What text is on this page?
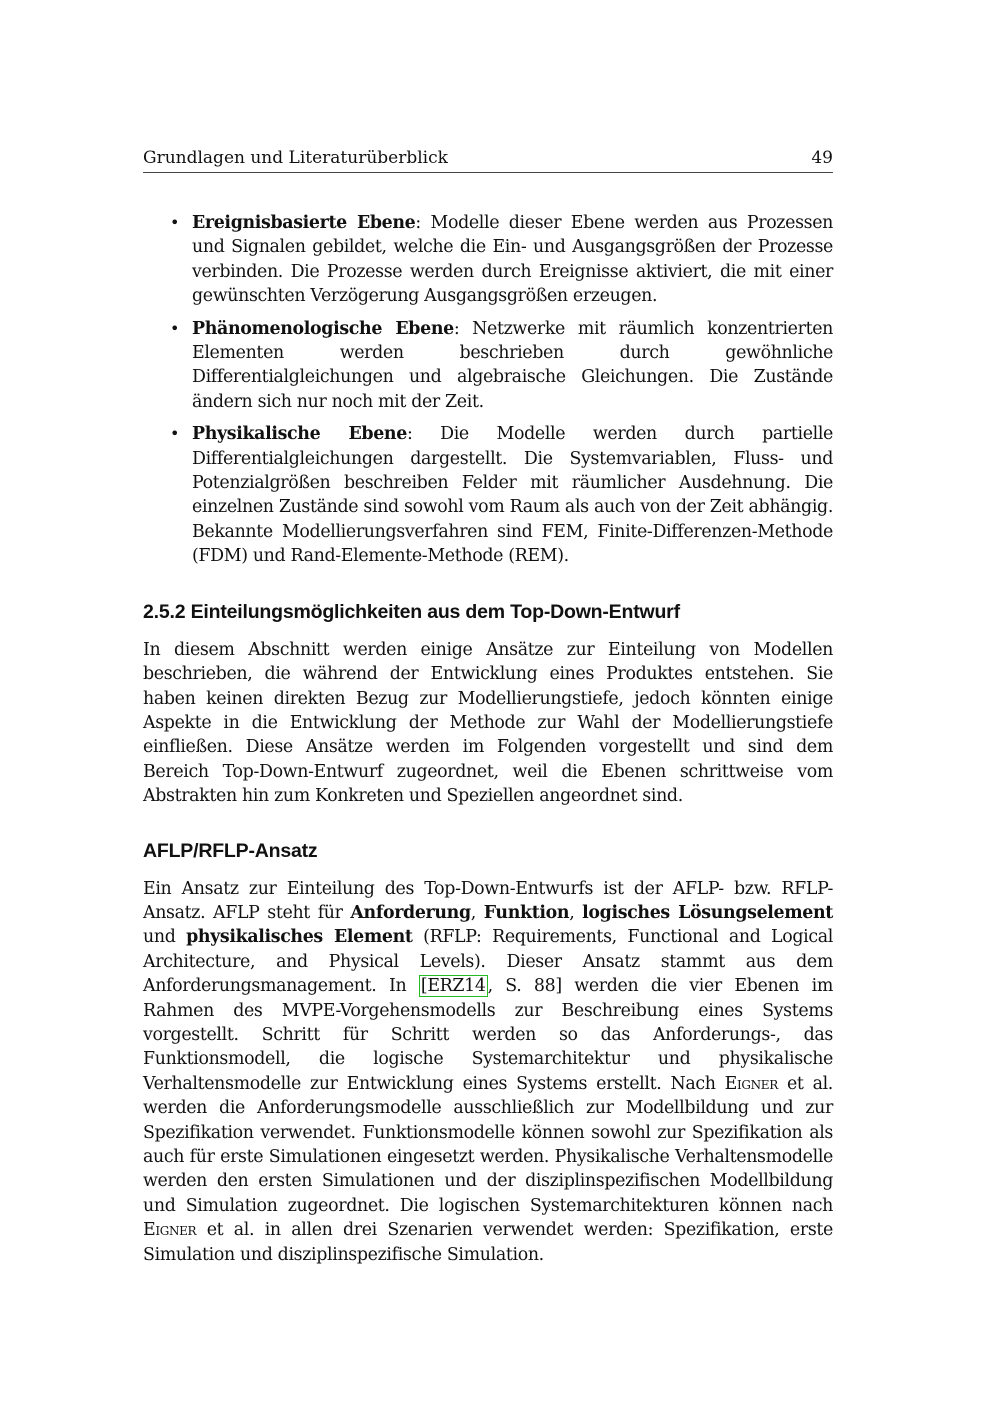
Grundlagen und Literaturüberblick	49
• Ereignisbasierte Ebene: Modelle dieser Ebene werden aus Prozessen und Signalen gebildet, welche die Ein- und Ausgangsgrößen der Prozesse verbinden. Die Prozesse werden durch Ereignisse aktiviert, die mit einer gewünschten Verzögerung Ausgangsgrößen erzeugen.
• Phänomenologische Ebene: Netzwerke mit räumlich konzentrierten Elementen werden beschrieben durch gewöhnliche Differentialgleichungen und algebraische Gleichungen. Die Zustände ändern sich nur noch mit der Zeit.
• Physikalische Ebene: Die Modelle werden durch partielle Differentialgleichungen dargestellt. Die Systemvariablen, Fluss- und Potenzialgrößen beschreiben Felder mit räumlicher Ausdehnung. Die einzelnen Zustände sind sowohl vom Raum als auch von der Zeit abhängig. Bekannte Modellierungsverfahren sind FEM, Finite-Differenzen-Methode (FDM) und Rand-Elemente-Methode (REM).
2.5.2 Einteilungsmöglichkeiten aus dem Top-Down-Entwurf

In diesem Abschnitt werden einige Ansätze zur Einteilung von Modellen beschrieben, die während der Entwicklung eines Produktes entstehen. Sie haben keinen direkten Bezug zur Modellierungstiefe, jedoch könnten einige Aspekte in die Entwicklung der Methode zur Wahl der Modellierungstiefe einfließen. Diese Ansätze werden im Folgenden vorgestellt und sind dem Bereich Top-Down-Entwurf zugeordnet, weil die Ebenen schrittweise vom Abstrakten hin zum Konkreten und Speziellen angeordnet sind.

AFLP/RFLP-Ansatz

Ein Ansatz zur Einteilung des Top-Down-Entwurfs ist der AFLP- bzw. RFLP-Ansatz. AFLP steht für Anforderung, Funktion, logisches Lösungselement und physikalisches Element (RFLP: Requirements, Functional and Logical Architecture, and Physical Levels). Dieser Ansatz stammt aus dem Anforderungsmanagement. In [ERZ14 , S. 88] werden die vier Ebenen im Rahmen des MVPE-Vorgehensmodells zur Beschreibung eines Systems vorgestellt. Schritt für Schritt werden so das Anforderungs-, das Funktionsmodell, die logische Systemarchitektur und physikalische Verhaltensmodelle zur Entwicklung eines Systems erstellt. Nach Eigner et al. werden die Anforderungsmodelle ausschließlich zur Modellbildung und zur Spezifikation verwendet. Funktionsmodelle können sowohl zur Spezifikation als auch für erste Simulationen eingesetzt werden. Physikalische Verhaltensmodelle werden den ersten Simulationen und der disziplinspezifischen Modellbildung und Simulation zugeordnet. Die logischen Systemarchitekturen können nach Eigner et al. in allen drei Szenarien verwendet werden: Spezifikation, erste Simulation und disziplinspezifische Simulation.
